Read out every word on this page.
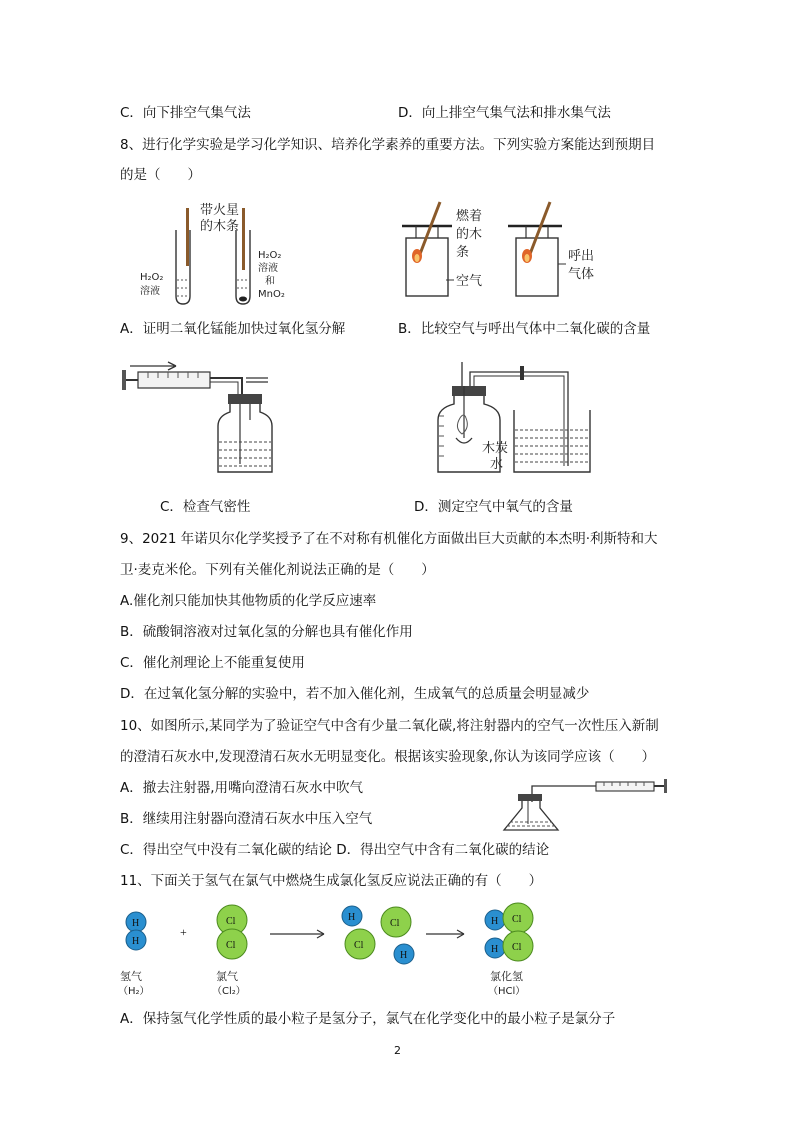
C．向下排空气集气法	D．向上排空气集气法和排水集气法
8、进行化学实验是学习化学知识、培养化学素养的重要方法。下列实验方案能达到预期目
的是（　　）
带火星
的木条
H₂O₂
溶液
H₂O₂
溶液
和
MnO₂
燃着
的木
条
空气
呼出
气体
A．证明二氧化锰能加快过氧化氢分解	B．比较空气与呼出气体中二氧化碳的含量
木炭
水
C．检查气密性	D．测定空气中氧气的含量
9、2021 年诺贝尔化学奖授予了在不对称有机催化方面做出巨大贡献的本杰明·利斯特和大
卫·麦克米伦。下列有关催化剂说法正确的是（　　）
A.催化剂只能加快其他物质的化学反应速率
B．硫酸铜溶液对过氧化氢的分解也具有催化作用
C．催化剂理论上不能重复使用
D．在过氧化氢分解的实验中，若不加入催化剂，生成氧气的总质量会明显减少
10、如图所示,某同学为了验证空气中含有少量二氧化碳,将注射器内的空气一次性压入新制
的澄清石灰水中,发现澄清石灰水无明显变化。根据该实验现象,你认为该同学应该（　　）
A．撤去注射器,用嘴向澄清石灰水中吹气
B．继续用注射器向澄清石灰水中压入空气
C．得出空气中没有二氧化碳的结论 D．得出空气中含有二氧化碳的结论
11、下面关于氢气在氯气中燃烧生成氯化氢反应说法正确的有（　　）
H
H
+
Cl
Cl
H
Cl
Cl
H
H Cl
H Cl
氢气
（H₂）
氯气
（Cl₂）
氯化氢
（HCl）
A．保持氢气化学性质的最小粒子是氢分子，氯气在化学变化中的最小粒子是氯分子
2
